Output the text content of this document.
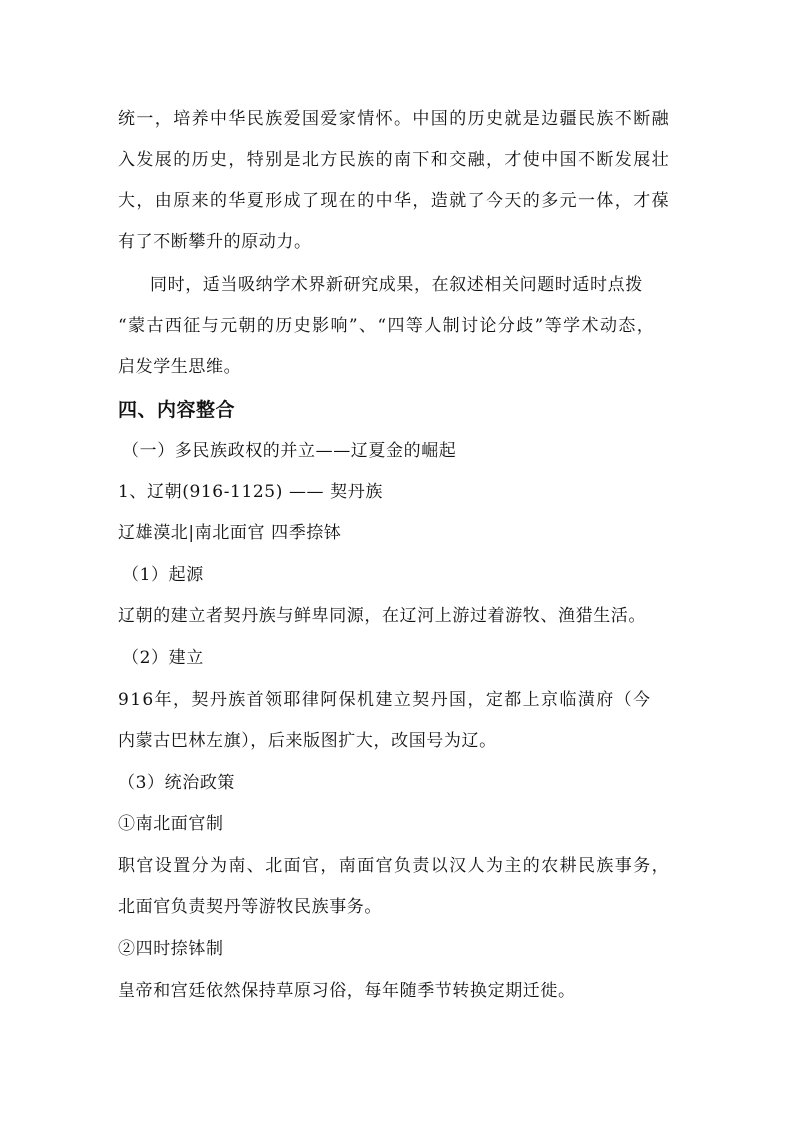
统一，培养中华民族爱国爱家情怀。中国的历史就是边疆民族不断融
入发展的历史，特别是北方民族的南下和交融，才使中国不断发展壮
大，由原来的华夏形成了现在的中华，造就了今天的多元一体，才葆
有了不断攀升的原动力。
同时，适当吸纳学术界新研究成果，在叙述相关问题时适时点拨
“蒙古西征与元朝的历史影响”、“四等人制讨论分歧”等学术动态，
启发学生思维。
四、内容整合
（一）多民族政权的并立——辽夏金的崛起
1、辽朝(916-1125) —— 契丹族
辽雄漠北|南北面官 四季捺钵
（1）起源
辽朝的建立者契丹族与鲜卑同源，在辽河上游过着游牧、渔猎生活。
（2）建立
916年，契丹族首领耶律阿保机建立契丹国，定都上京临潢府（今
内蒙古巴林左旗），后来版图扩大，改国号为辽。
（3）统治政策
①南北面官制
职官设置分为南、北面官，南面官负责以汉人为主的农耕民族事务，
北面官负责契丹等游牧民族事务。
②四时捺钵制
皇帝和宫廷依然保持草原习俗，每年随季节转换定期迁徙。
